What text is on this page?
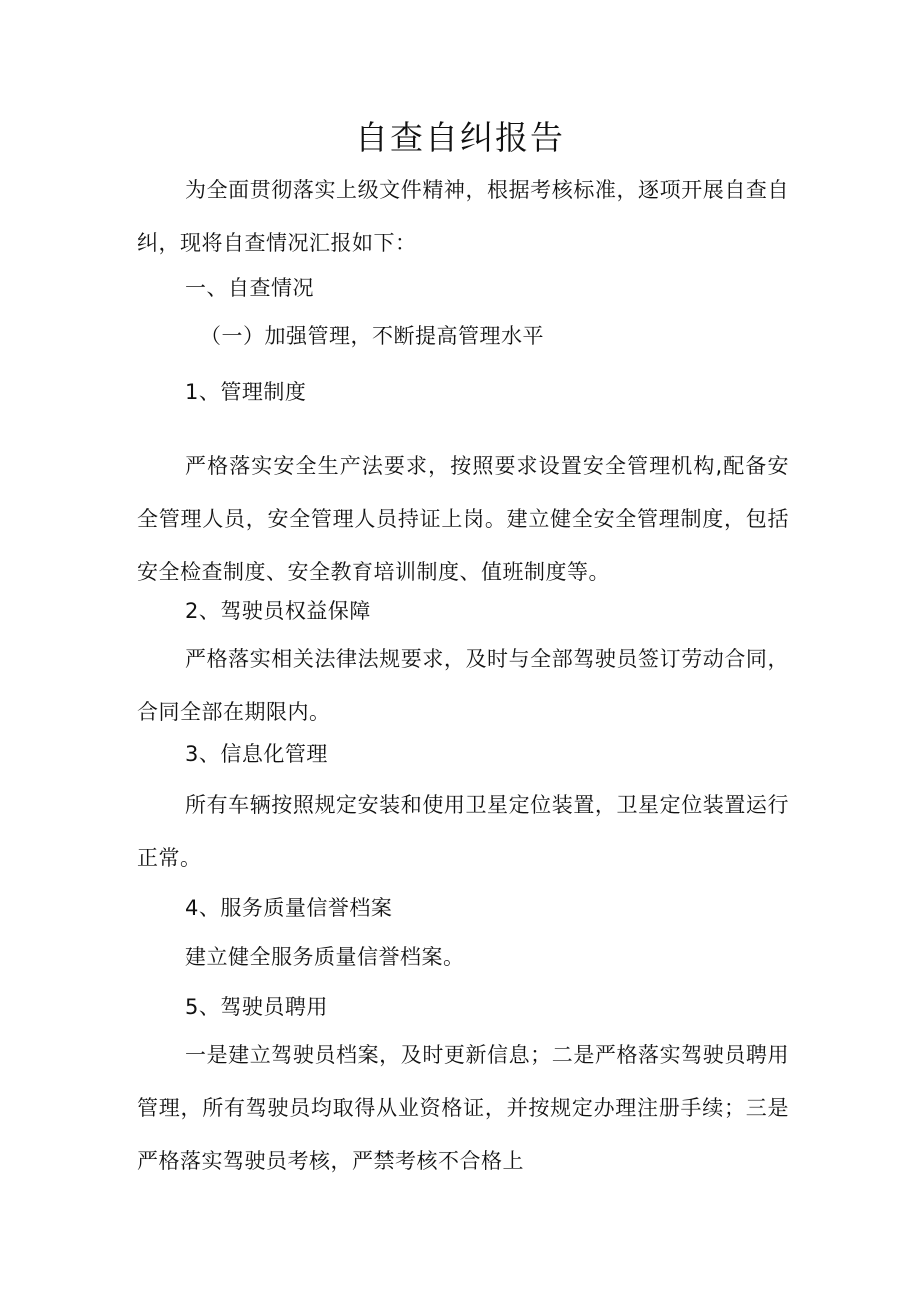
自查自纠报告
为全面贯彻落实上级文件精神，根据考核标准，逐项开展自查自纠，现将自查情况汇报如下：
一、自查情况
（一）加强管理，不断提高管理水平
1、管理制度
严格落实安全生产法要求，按照要求设置安全管理机构,配备安全管理人员，安全管理人员持证上岗。建立健全安全管理制度，包括安全检查制度、安全教育培训制度、值班制度等。
2、驾驶员权益保障
严格落实相关法律法规要求，及时与全部驾驶员签订劳动合同，合同全部在期限内。
3、信息化管理
所有车辆按照规定安装和使用卫星定位装置，卫星定位装置运行正常。
4、服务质量信誉档案
建立健全服务质量信誉档案。
5、驾驶员聘用
一是建立驾驶员档案，及时更新信息；二是严格落实驾驶员聘用管理，所有驾驶员均取得从业资格证，并按规定办理注册手续；三是严格落实驾驶员考核，严禁考核不合格上
